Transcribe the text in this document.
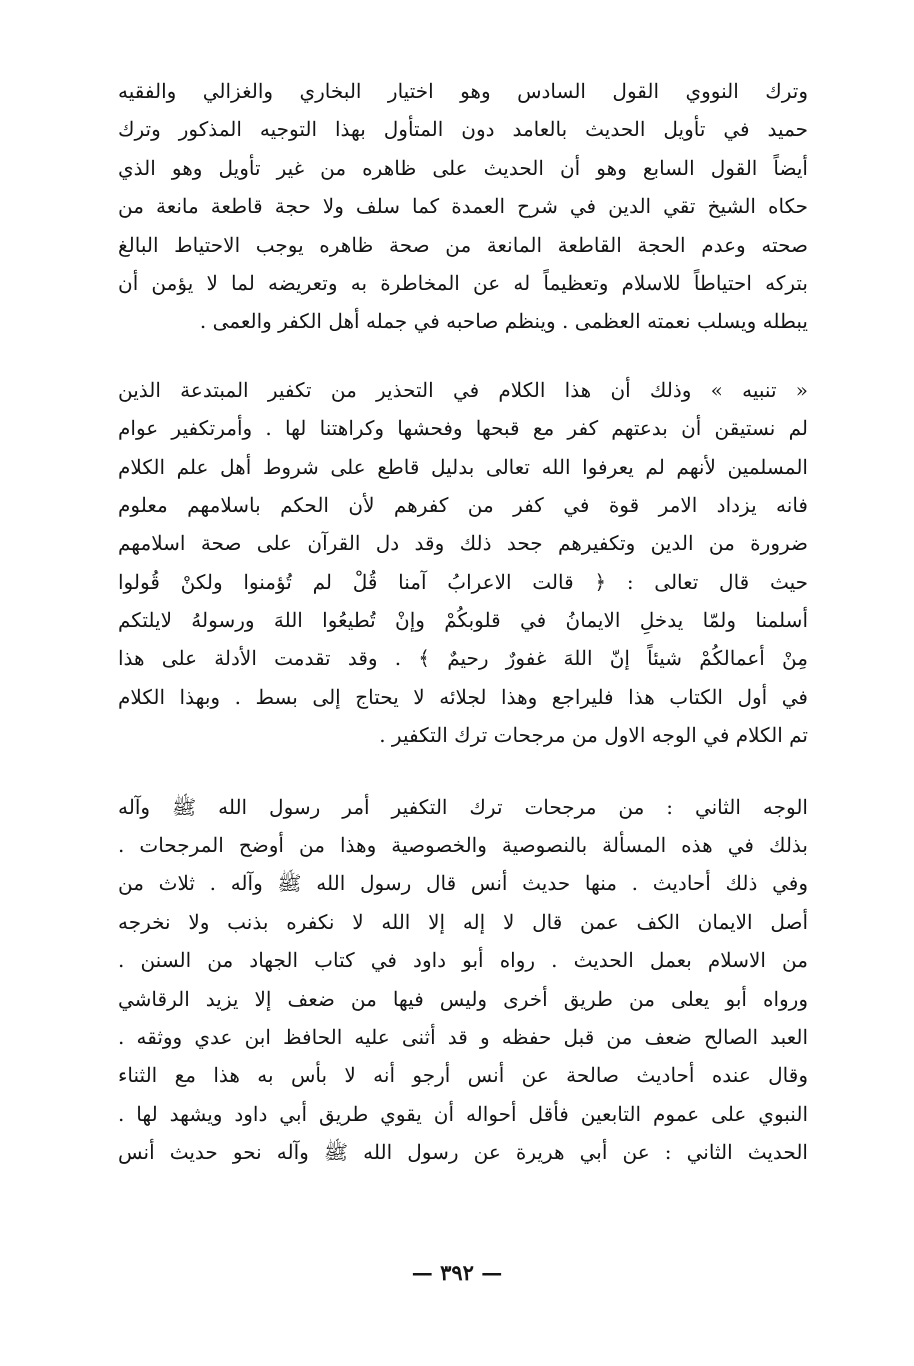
وترك النووي القول السادس وهو اختيار البخاري والغزالي والفقيه
حميد في تأويل الحديث بالعامد دون المتأول بهذا التوجيه المذكور وترك
أيضاً القول السابع وهو أن الحديث على ظاهره من غير تأويل وهو الذي
حكاه الشيخ تقي الدين في شرح العمدة كما سلف ولا حجة قاطعة مانعة من
صحته وعدم الحجة القاطعة المانعة من صحة ظاهره يوجب الاحتياط البالغ
بتركه احتياطاً للاسلام وتعظيماً له عن المخاطرة به وتعريضه لما لا يؤمن أن
يبطله ويسلب نعمته العظمى . وينظم صاحبه في جمله أهل الكفر والعمى .
« تنبيه » وذلك أن هذا الكلام في التحذير من تكفير المبتدعة الذين
لم نستيقن أن بدعتهم كفر مع قبحها وفحشها وكراهتنا لها . وأمرتكفير عوام
المسلمين لأنهم لم يعرفوا الله تعالى بدليل قاطع على شروط أهل علم الكلام
فانه يزداد الامر قوة في كفر من كفرهم لأن الحكم باسلامهم معلوم
ضرورة من الدين وتكفيرهم جحد ذلك وقد دل القرآن على صحة اسلامهم
حيث قال تعالى : ﴿ قالت الاعرابُ آمنا قُلْ لم تُؤمنوا ولكنْ قُولوا
أسلمنا ولمّا يدخلِ الايمانُ في قلوبكُمْ وإنْ تُطيعُوا اللهَ ورسولهُ لايلتكم
مِنْ أعمالكُمْ شيئاً إنّ اللهَ غفورٌ رحيمٌ ﴾ . وقد تقدمت الأدلة على هذا
في أول الكتاب هذا فليراجع وهذا لجلائه لا يحتاج إلى بسط . وبهذا الكلام
تم الكلام في الوجه الاول من مرجحات ترك التكفير .
الوجه الثاني : من مرجحات ترك التكفير أمر رسول الله ﷺ وآله
بذلك في هذه المسألة بالنصوصية والخصوصية وهذا من أوضح المرجحات .
وفي ذلك أحاديث . منها حديث أنس قال رسول الله ﷺ وآله . ثلاث من
أصل الايمان الكف عمن قال لا إله إلا الله لا نكفره بذنب ولا نخرجه
من الاسلام بعمل الحديث . رواه أبو داود في كتاب الجهاد من السنن .
ورواه أبو يعلى من طريق أخرى وليس فيها من ضعف إلا يزيد الرقاشي
العبد الصالح ضعف من قبل حفظه و قد أثنى عليه الحافظ ابن عدي ووثقه .
وقال عنده أحاديث صالحة عن أنس أرجو أنه لا بأس به هذا مع الثناء
النبوي على عموم التابعين فأقل أحواله أن يقوي طريق أبي داود ويشهد لها .
الحديث الثاني : عن أبي هريرة عن رسول الله ﷺ وآله نحو حديث أنس
— ٣٩٢ —
